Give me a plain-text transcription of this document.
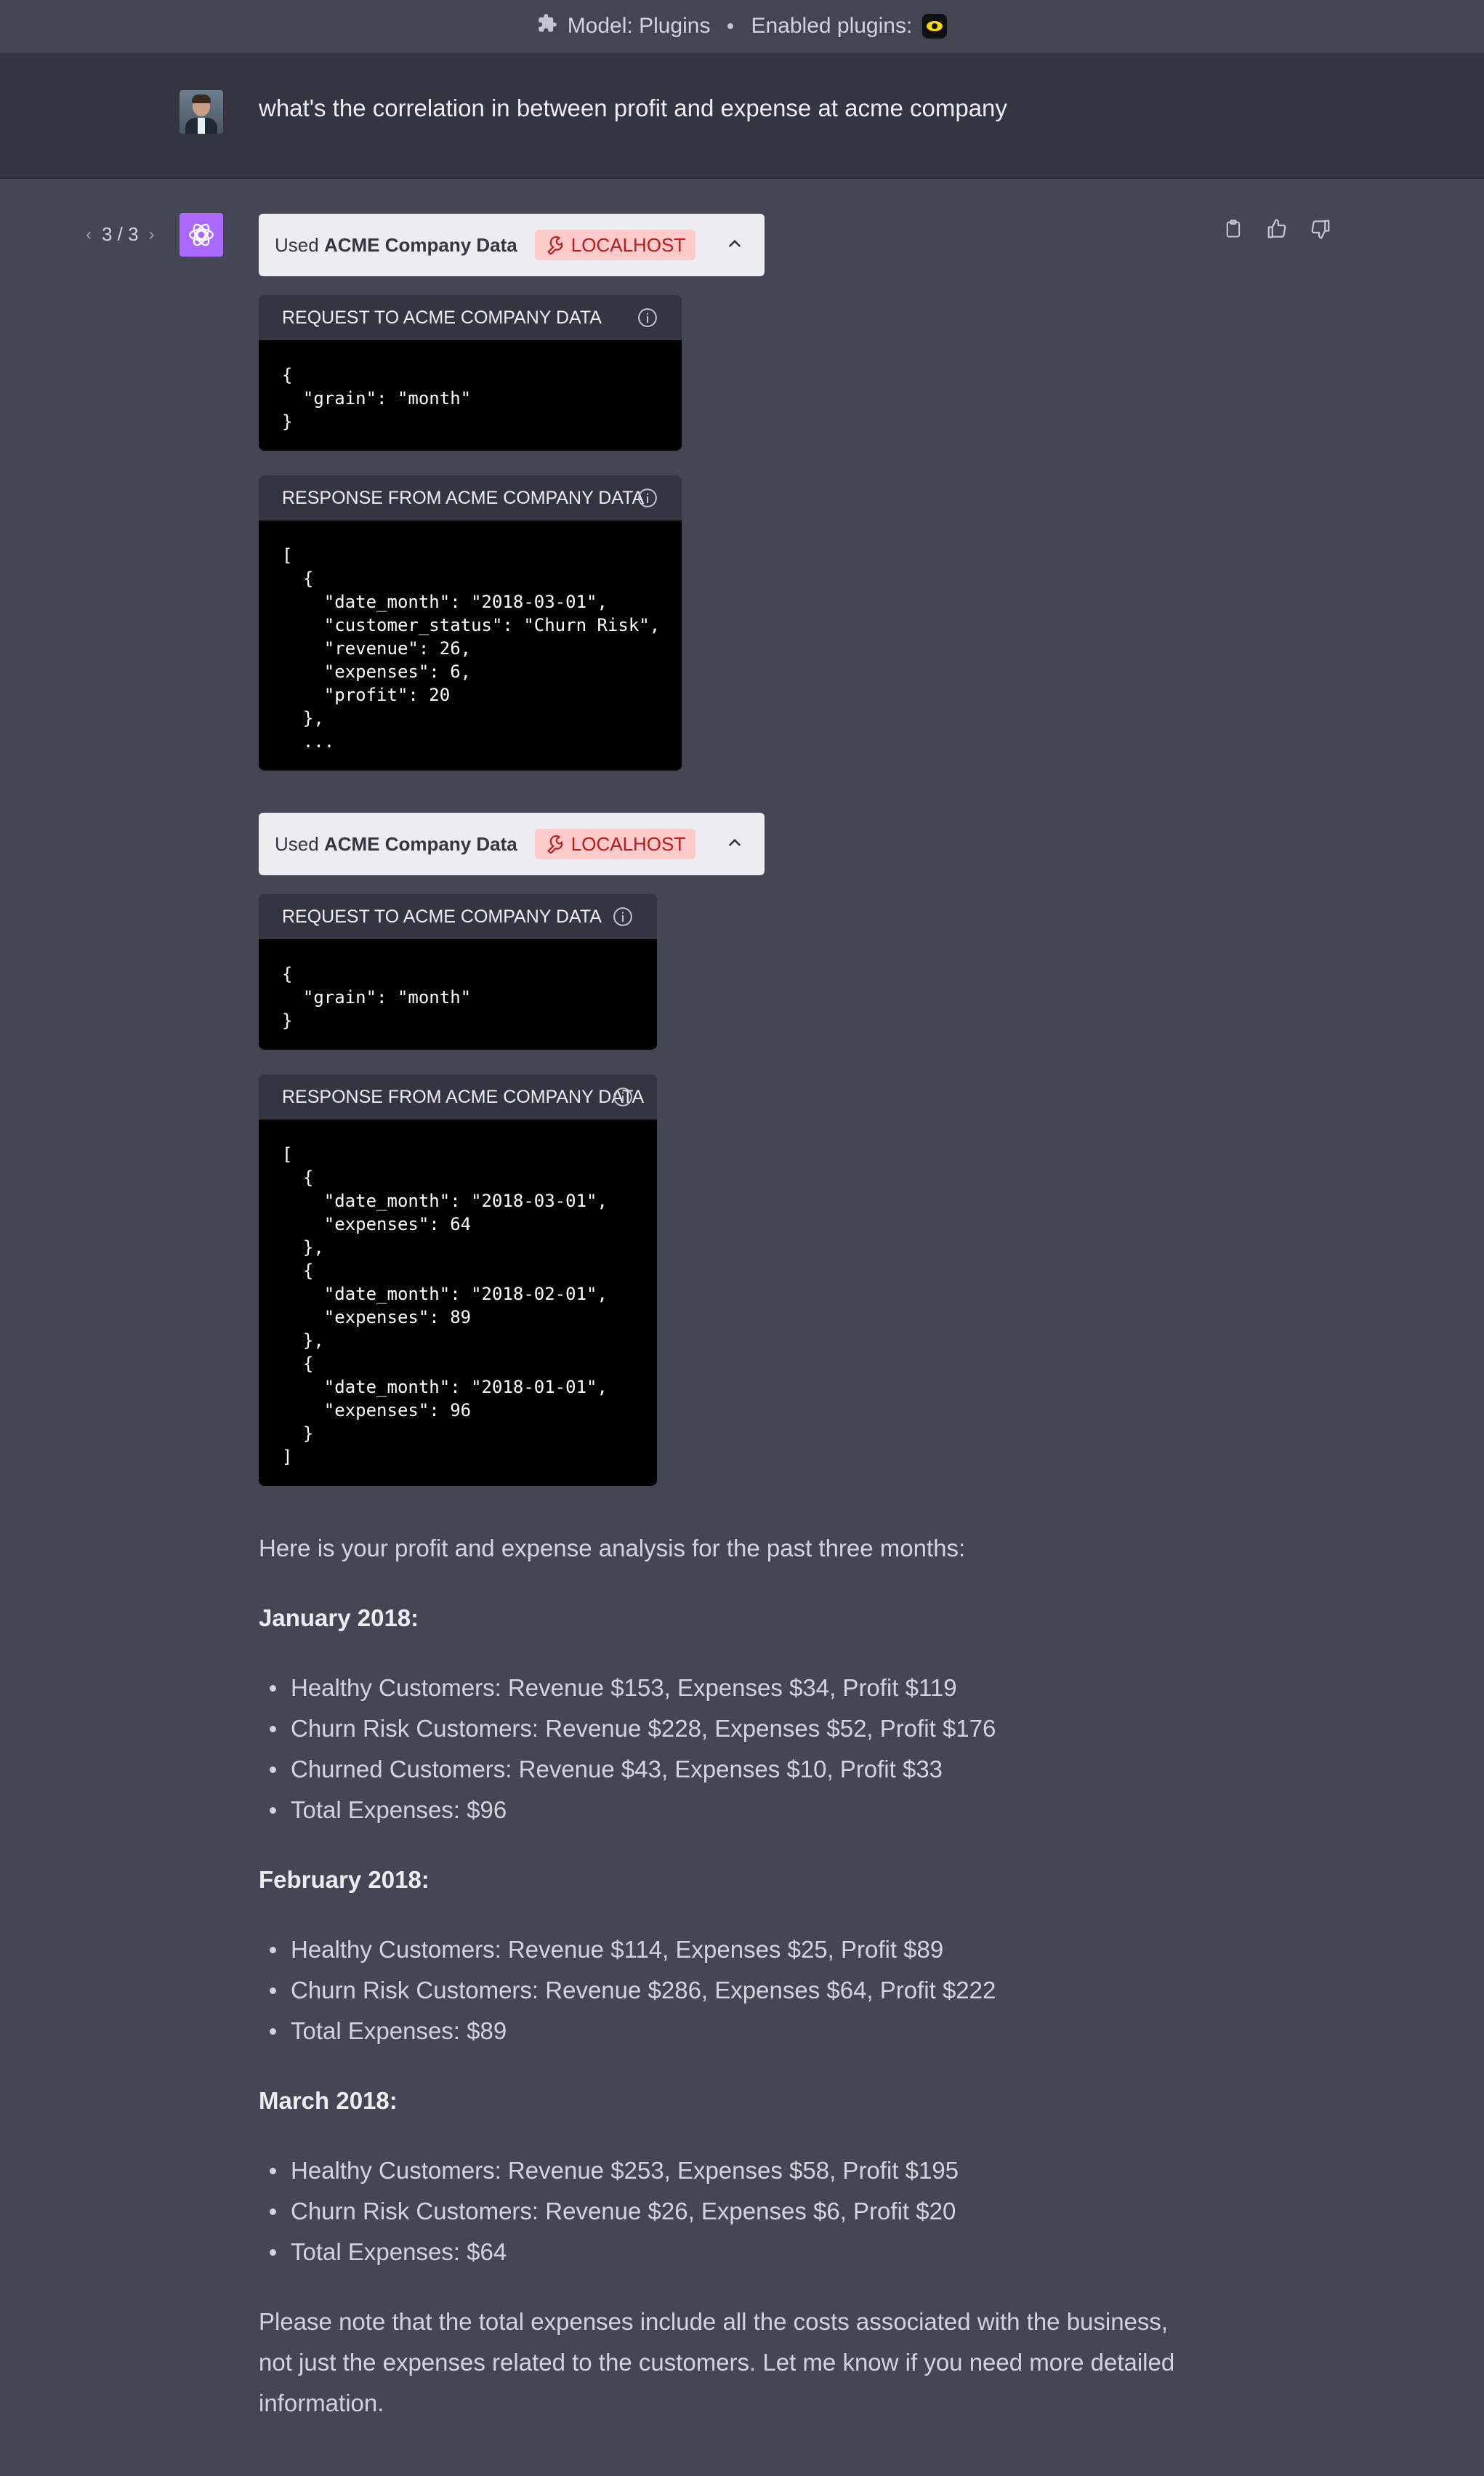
Model: Plugins Enabled plugins:
what's the correlation in between profit and expense at acme company
‹ 3 / 3 ›	Used ACME Company Data	LOCALHOST
REQUEST TO ACME COMPANY DATA
{
"grain": "month"
}
RESPONSE FROM ACME COMPANY DATA
[
{
"date_month": "2018-03-01",
"customer_status": "Churn Risk",
"revenue": 26,
"expenses": 6,
"profit": 20
},
...
Used ACME Company Data	LOCALHOST
REQUEST TO ACME COMPANY DATA
{
"grain": "month"
}
RESPONSE FROM ACME COMPANY DATA
[
{
"date_month": "2018-03-01",
"expenses": 64
},
{
"date_month": "2018-02-01",
"expenses": 89
},
{
"date_month": "2018-01-01",
"expenses": 96
}
]

Here is your profit and expense analysis for the past three months:

January 2018:
Healthy Customers: Revenue $153, Expenses $34, Profit $119
Churn Risk Customers: Revenue $228, Expenses $52, Profit $176
Churned Customers: Revenue $43, Expenses $10, Profit $33
Total Expenses: $96
February 2018:
Healthy Customers: Revenue $114, Expenses $25, Profit $89
Churn Risk Customers: Revenue $286, Expenses $64, Profit $222
Total Expenses: $89
March 2018:
Healthy Customers: Revenue $253, Expenses $58, Profit $195
Churn Risk Customers: Revenue $26, Expenses $6, Profit $20
Total Expenses: $64

Please note that the total expenses include all the costs associated with the business, not just the expenses related to the customers. Let me know if you need more detailed information.
